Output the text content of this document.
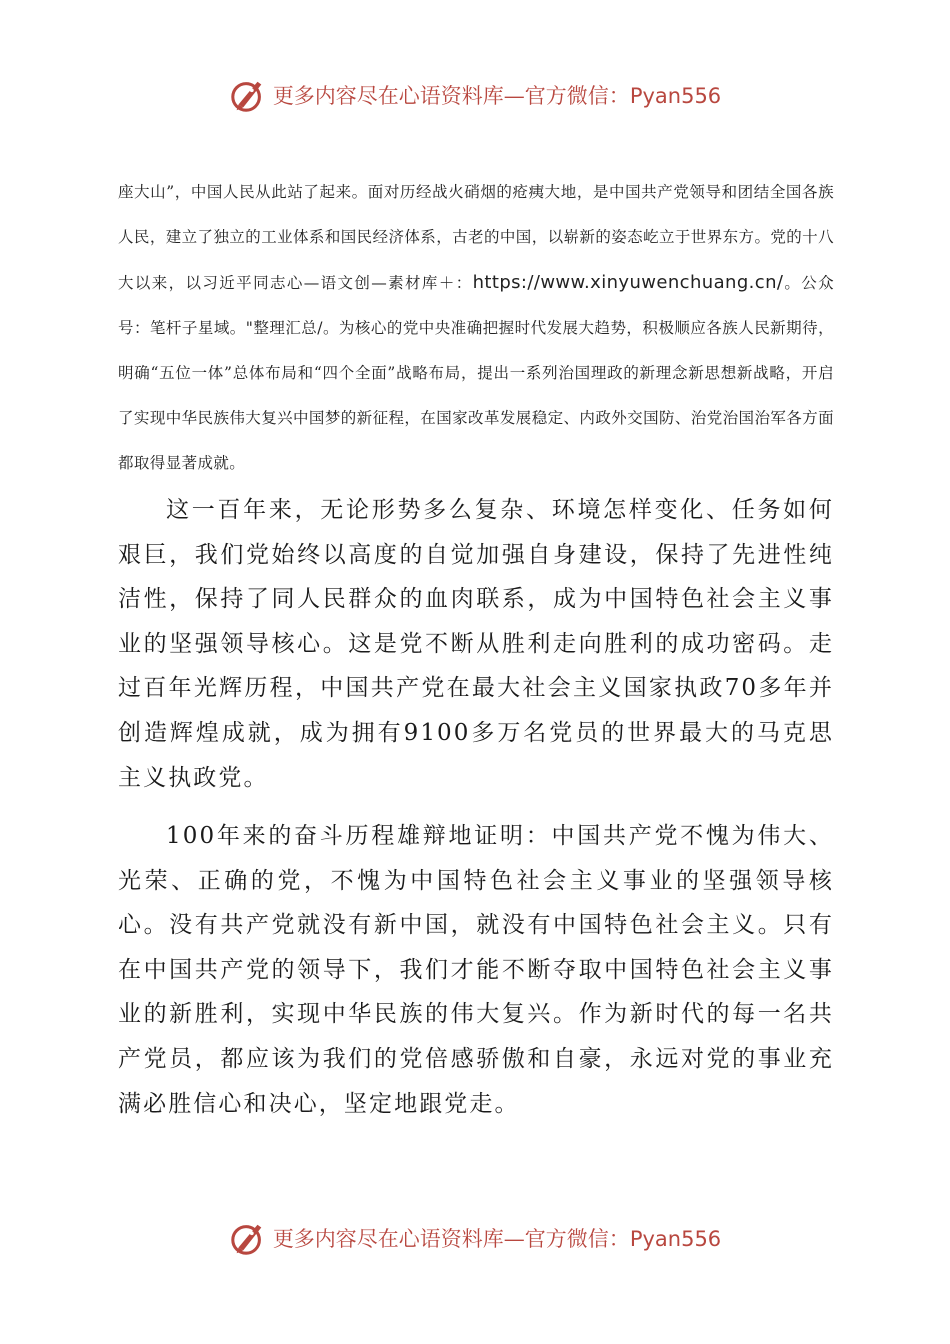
更多内容尽在心语资料库—官方微信：Pyan556

座大山”，中国人民从此站了起来。面对历经战火硝烟的疮痍大地，是中国共产党领导和团结全国各族人民，建立了独立的工业体系和国民经济体系，古老的中国，以崭新的姿态屹立于世界东方。党的十八大以来，以习近平同志心—语文创—素材库＋：https://www.xinyuwenchuang.cn/。公众号：笔杆子星域。"整理汇总/。为核心的党中央准确把握时代发展大趋势，积极顺应各族人民新期待，明确“五位一体”总体布局和“四个全面”战略布局，提出一系列治国理政的新理念新思想新战略，开启了实现中华民族伟大复兴中国梦的新征程，在国家改革发展稳定、内政外交国防、治党治国治军各方面都取得显著成就。

这一百年来，无论形势多么复杂、环境怎样变化、任务如何艰巨，我们党始终以高度的自觉加强自身建设，保持了先进性纯洁性，保持了同人民群众的血肉联系，成为中国特色社会主义事业的坚强领导核心。这是党不断从胜利走向胜利的成功密码。走过百年光辉历程，中国共产党在最大社会主义国家执政70多年并创造辉煌成就，成为拥有9100多万名党员的世界最大的马克思主义执政党。

100年来的奋斗历程雄辩地证明：中国共产党不愧为伟大、光荣、正确的党，不愧为中国特色社会主义事业的坚强领导核心。没有共产党就没有新中国，就没有中国特色社会主义。只有在中国共产党的领导下，我们才能不断夺取中国特色社会主义事业的新胜利，实现中华民族的伟大复兴。作为新时代的每一名共产党员，都应该为我们的党倍感骄傲和自豪，永远对党的事业充满必胜信心和决心，坚定地跟党走。

更多内容尽在心语资料库—官方微信：Pyan556
